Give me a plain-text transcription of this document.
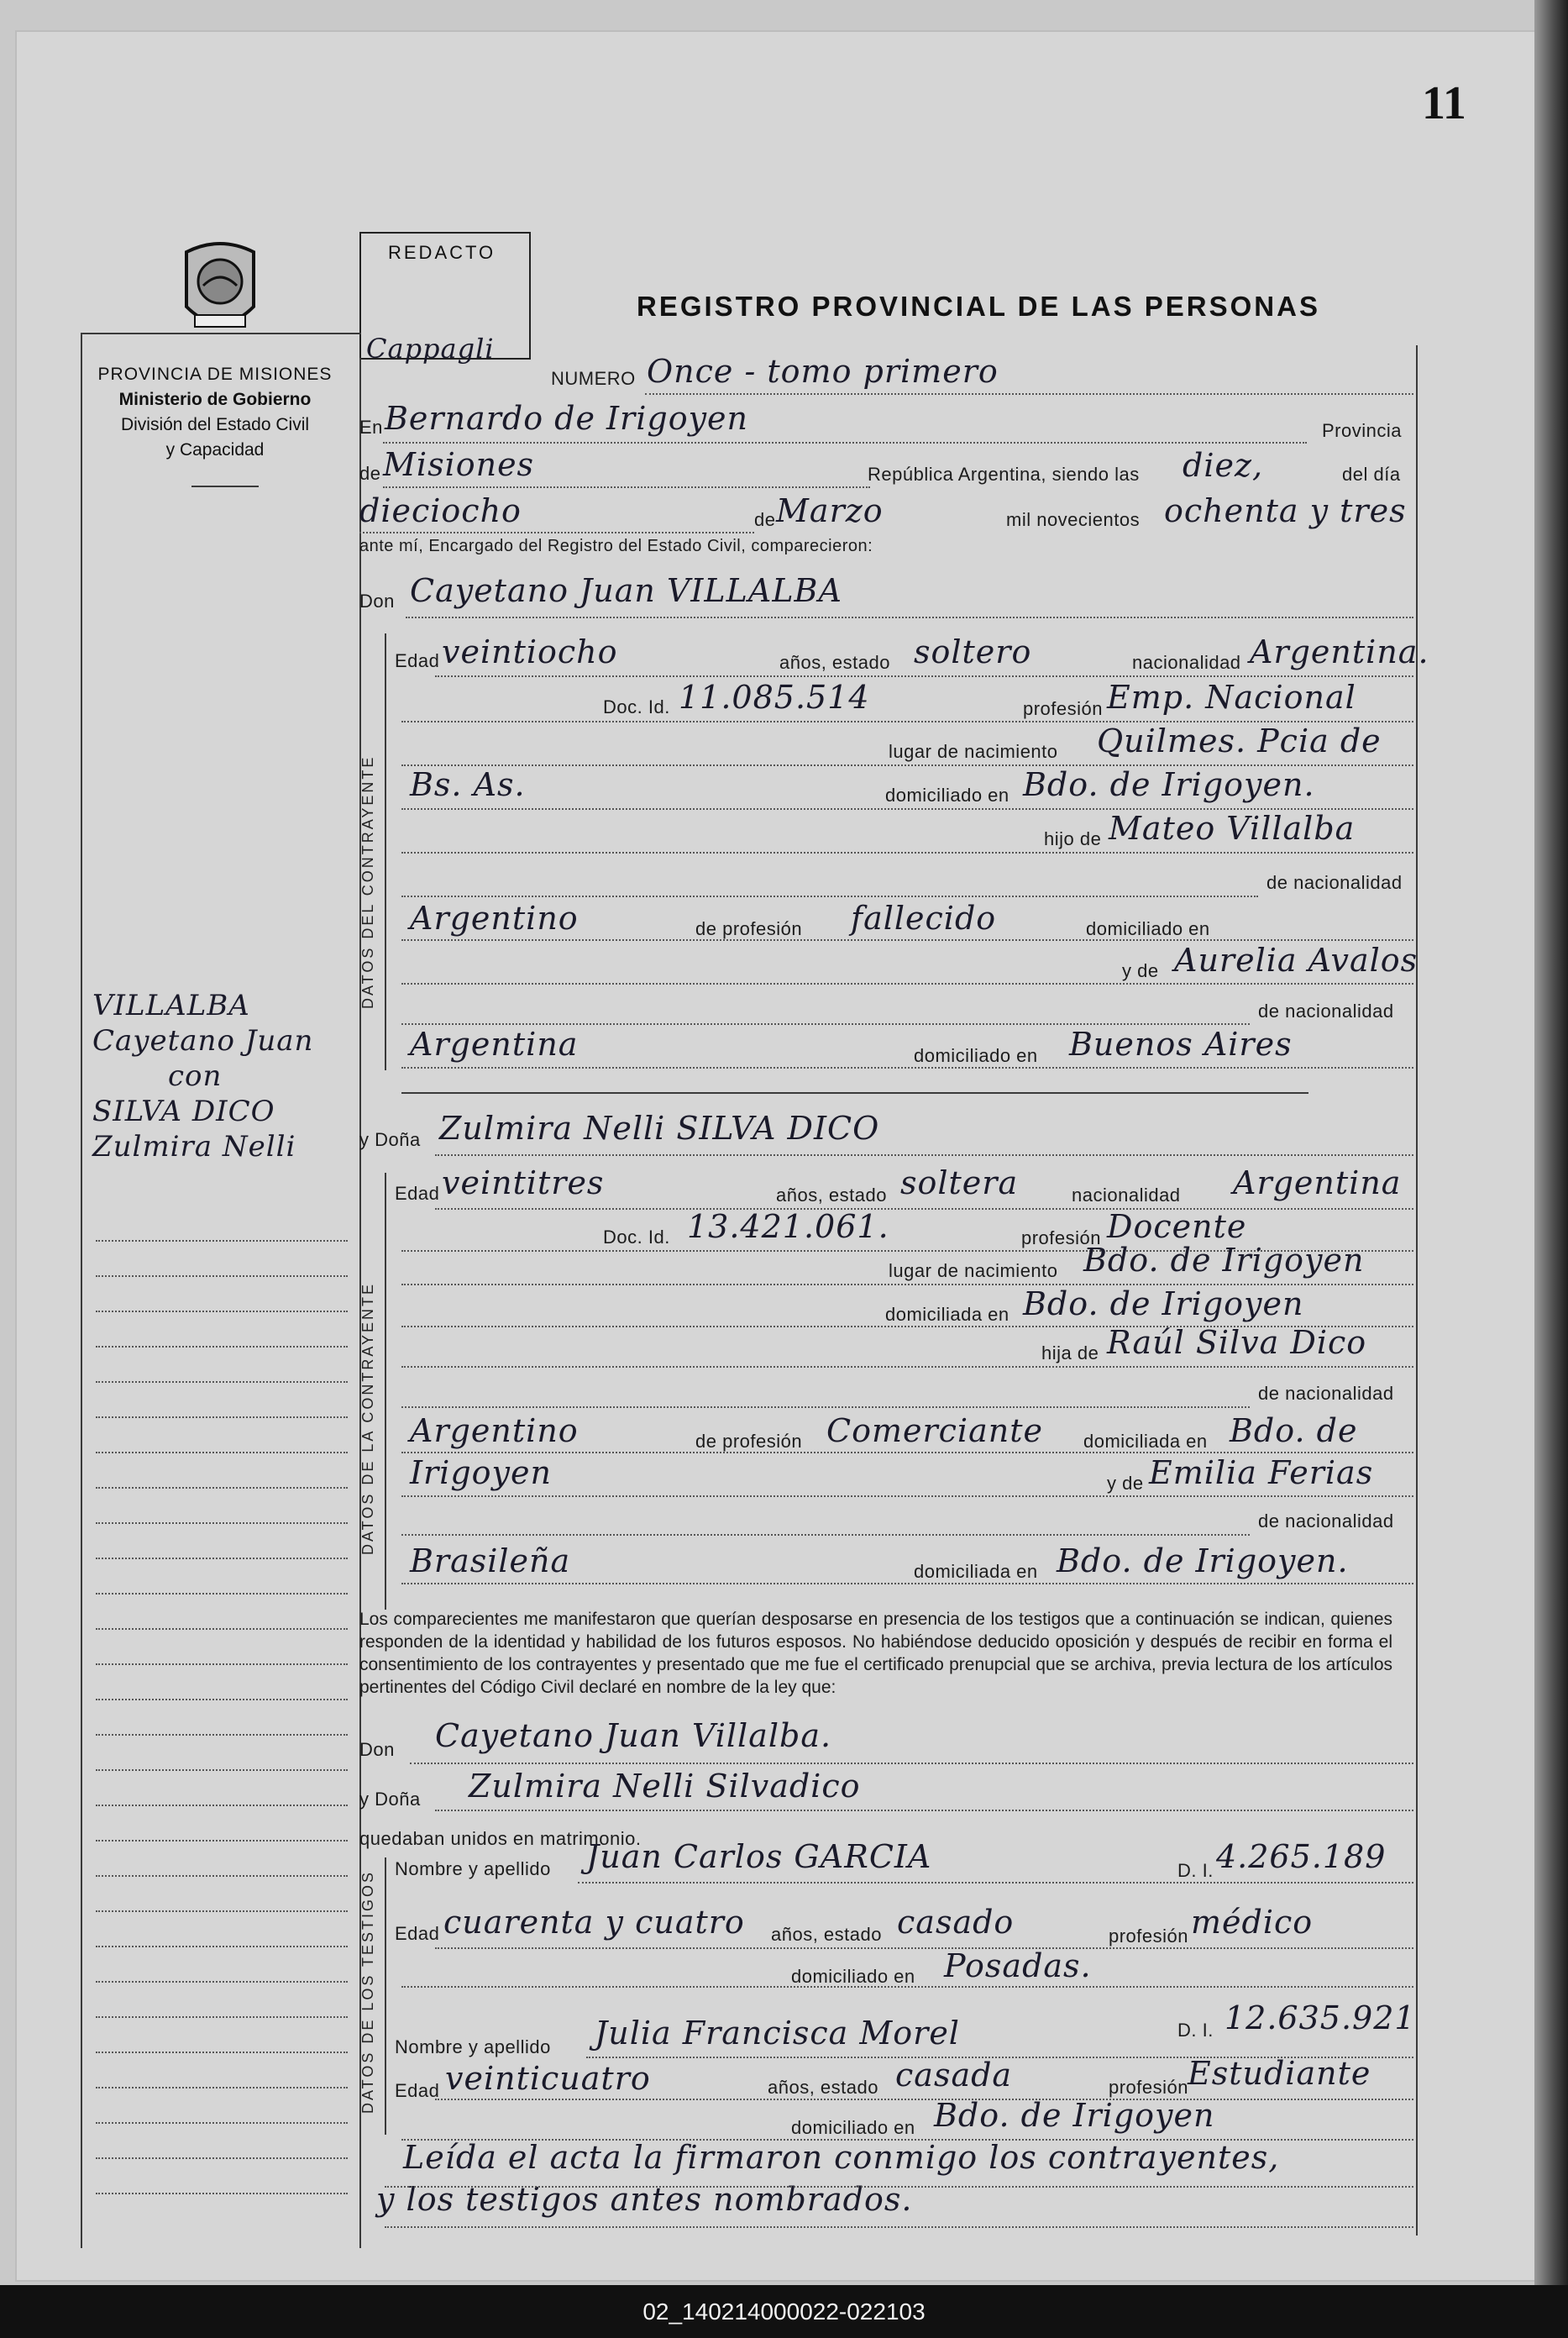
11
PROVINCIA DE MISIONES
Ministerio de Gobierno
División del Estado Civil
y Capacidad
REDACTO
Cappagli
REGISTRO PROVINCIAL DE LAS PERSONAS
VILLALBA
Cayetano Juan
con
SILVA DICO
Zulmira Nelli
NUMERO Once - tomo primero
En Bernardo de Irigoyen	Provincia
de Misiones	República Argentina, siendo las diez,	del día
dieciocho	de Marzo	mil novecientos ochenta y tres
ante mí, Encargado del Registro del Estado Civil, comparecieron:
Don Cayetano Juan VILLALBA
DATOS DEL CONTRAYENTE
Edad veintiocho	años, estado soltero	nacionalidad Argentina.
Doc. Id. 11.085.514	profesión Emp. Nacional
lugar de nacimiento Quilmes. Pcia de
Bs. As.	domiciliado en Bdo. de Irigoyen.
hijo de Mateo Villalba
de nacionalidad
Argentino	de profesión fallecido	domiciliado en
y de Aurelia Avalos
de nacionalidad
Argentina	domiciliado en Buenos Aires
y Doña Zulmira Nelli SILVA DICO
DATOS DE LA CONTRAYENTE
Edad veintitres	años, estado soltera	nacionalidad Argentina
Doc. Id. 13.421.061.	profesión Docente
lugar de nacimiento Bdo. de Irigoyen
domiciliada en Bdo. de Irigoyen
hija de Raúl Silva Dico
de nacionalidad
Argentino	de profesión Comerciante domiciliada en Bdo. de
Irigoyen	y de Emilia Ferias
de nacionalidad
Brasileña	domiciliada en Bdo. de Irigoyen.
Los comparecientes me manifestaron que querían desposarse en presencia de los testigos que a continuación se indican, quienes responden de la identidad y habilidad de los futuros esposos. No habiéndose deducido oposición y después de recibir en forma el consentimiento de los contrayentes y presentado que me fue el certificado prenupcial que se archiva, previa lectura de los artículos pertinentes del Código Civil declaré en nombre de la ley que:
Don Cayetano Juan Villalba.
y Doña Zulmira Nelli Silvadico
quedaban unidos en matrimonio.
DATOS DE LOS TESTIGOS
Nombre y apellido Juan Carlos GARCIA	D. I. 4.265.189
Edad cuarenta y cuatro años, estado casado	profesión médico
domiciliado en Posadas.
Nombre y apellido Julia Francisca Morel	D. I. 12.635.921
Edad veinticuatro	años, estado casada	profesión
Estudiante
domiciliado en Bdo. de Irigoyen
Leída el acta la firmaron conmigo los contrayentes,
y los testigos antes nombrados.
02_140214000022-022103
